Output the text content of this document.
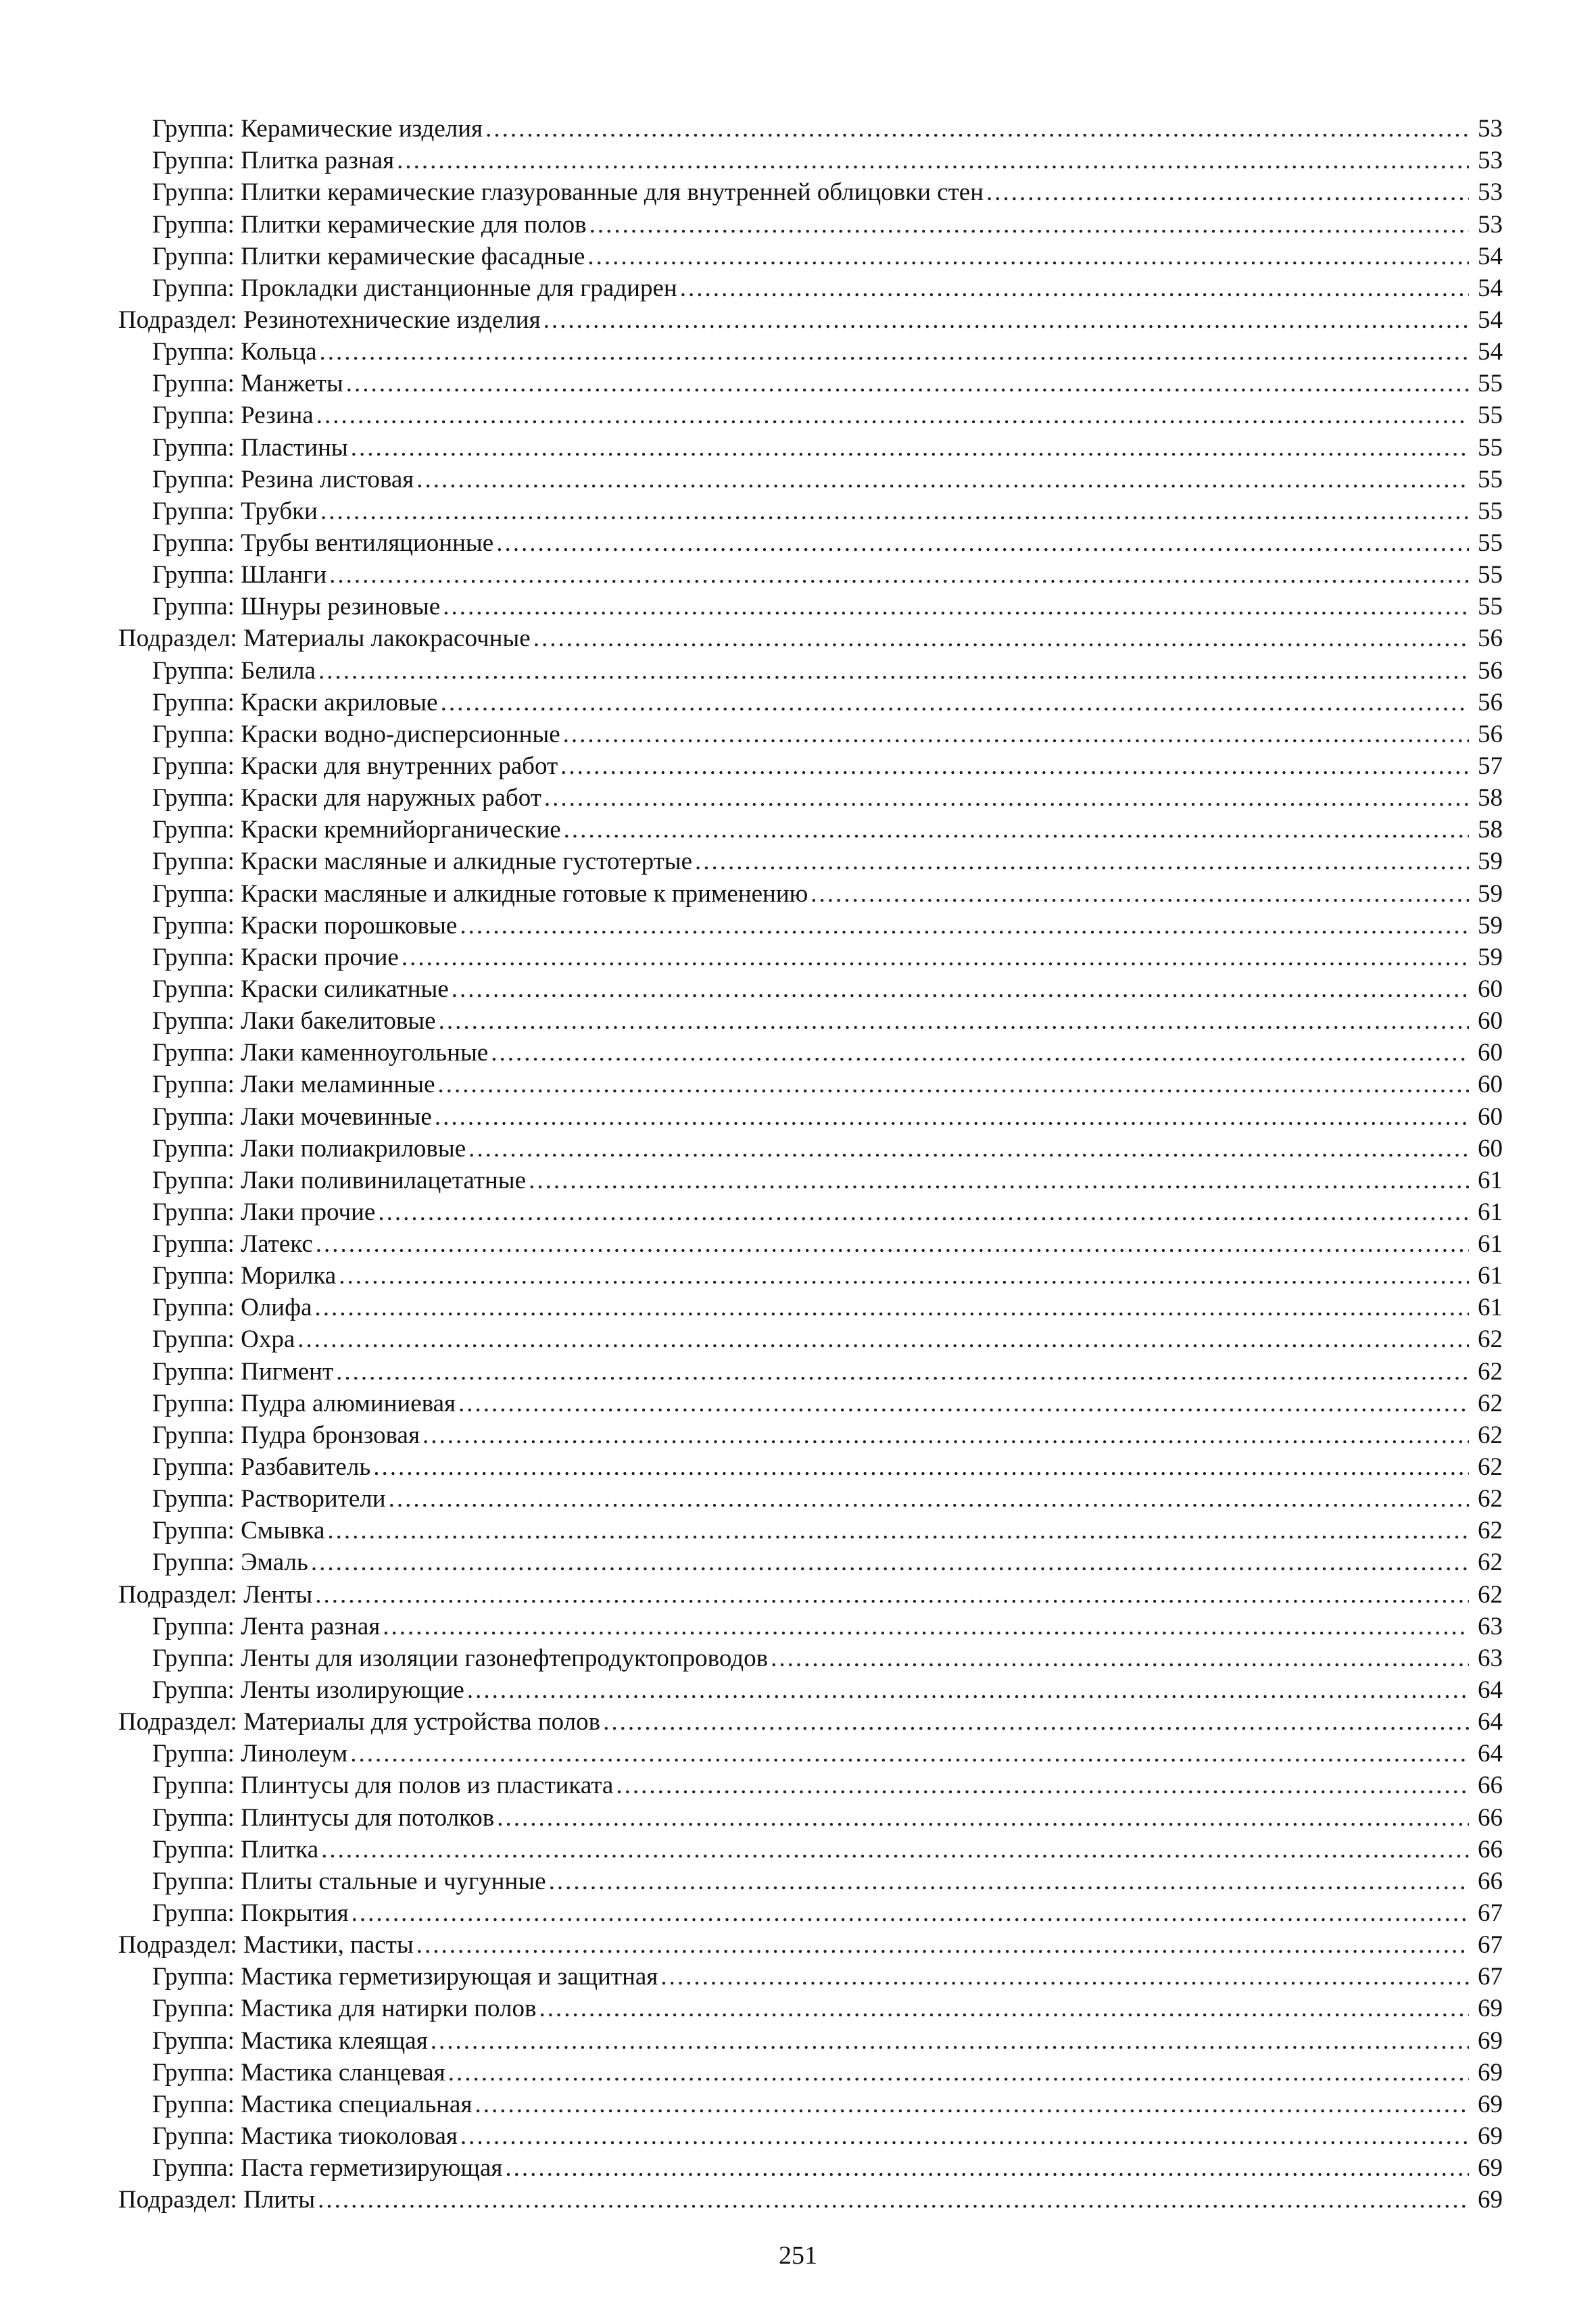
Группа: Керамические изделия .....	53
Группа: Плитка разная .....	53
Группа: Плитки керамические глазурованные для внутренней облицовки стен .....	53
Группа: Плитки керамические для полов .....	53
Группа: Плитки керамические фасадные .....	54
Группа: Прокладки дистанционные для градирен .....	54
Подраздел: Резинотехнические изделия .....	54
Группа: Кольца .....	54
Группа: Манжеты .....	55
Группа: Резина .....	55
Группа: Пластины .....	55
Группа: Резина листовая .....	55
Группа: Трубки .....	55
Группа: Трубы вентиляционные .....	55
Группа: Шланги .....	55
Группа: Шнуры резиновые .....	55
Подраздел: Материалы лакокрасочные .....	56
Группа: Белила .....	56
Группа: Краски акриловые .....	56
Группа: Краски водно-дисперсионные .....	56
Группа: Краски для внутренних работ .....	57
Группа: Краски для наружных работ .....	58
Группа: Краски кремнийорганические .....	58
Группа: Краски масляные и алкидные густотертые .....	59
Группа: Краски масляные и алкидные готовые к применению .....	59
Группа: Краски порошковые .....	59
Группа: Краски прочие .....	59
Группа: Краски силикатные .....	60
Группа: Лаки бакелитовые .....	60
Группа: Лаки каменноугольные .....	60
Группа: Лаки меламинные .....	60
Группа: Лаки мочевинные .....	60
Группа: Лаки полиакриловые .....	60
Группа: Лаки поливинилацетатные .....	61
Группа: Лаки прочие .....	61
Группа: Латекс .....	61
Группа: Морилка .....	61
Группа: Олифа .....	61
Группа: Охра .....	62
Группа: Пигмент .....	62
Группа: Пудра алюминиевая .....	62
Группа: Пудра бронзовая .....	62
Группа: Разбавитель .....	62
Группа: Растворители .....	62
Группа: Смывка .....	62
Группа: Эмаль .....	62
Подраздел: Ленты .....	62
Группа: Лента разная .....	63
Группа: Ленты для изоляции газонефтепродуктопроводов .....	63
Группа: Ленты изолирующие .....	64
Подраздел: Материалы для устройства полов .....	64
Группа: Линолеум .....	64
Группа: Плинтусы для полов из пластиката .....	66
Группа: Плинтусы для потолков .....	66
Группа: Плитка .....	66
Группа: Плиты стальные и чугунные .....	66
Группа: Покрытия .....	67
Подраздел: Мастики, пасты .....	67
Группа: Мастика герметизирующая и защитная .....	67
Группа: Мастика для натирки полов .....	69
Группа: Мастика клеящая .....	69
Группа: Мастика сланцевая .....	69
Группа: Мастика специальная .....	69
Группа: Мастика тиоколовая .....	69
Группа: Паста герметизирующая .....	69
Подраздел: Плиты .....	69
251
